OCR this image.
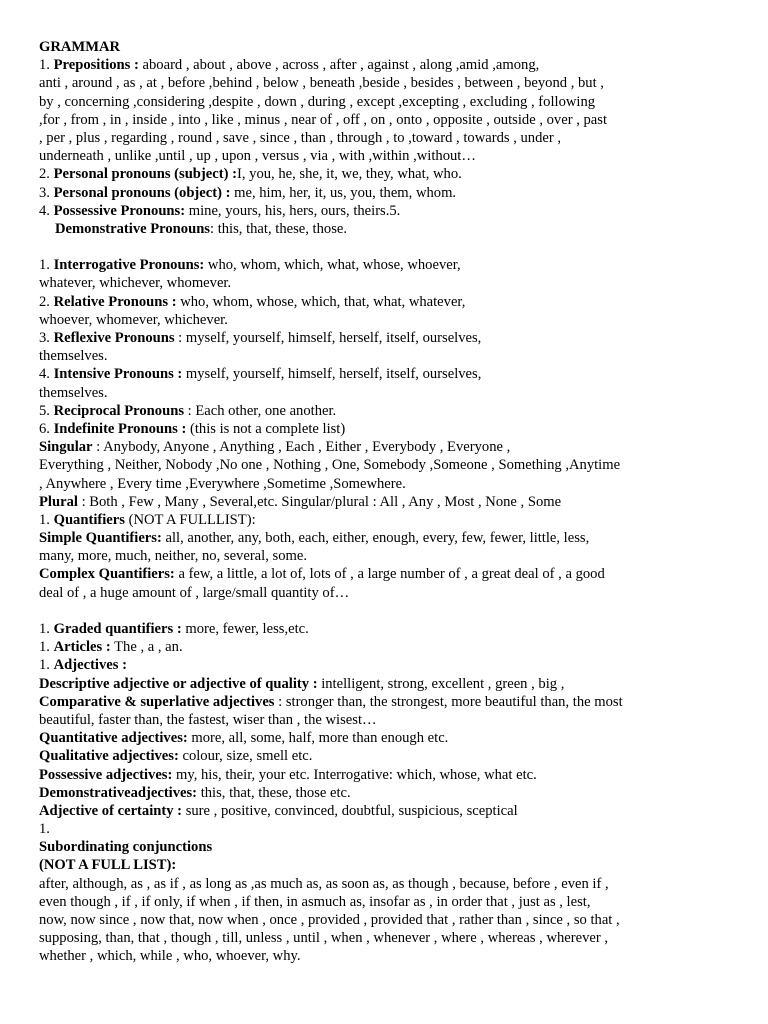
GRAMMAR
1. Prepositions : aboard , about , above , across , after , against , along ,amid ,among,
anti , around , as , at , before ,behind , below , beneath ,beside , besides , between , beyond , but ,
by , concerning ,considering ,despite , down , during , except ,excepting , excluding , following
,for , from , in , inside , into , like , minus , near of , off , on , onto , opposite , outside , over , past
, per , plus , regarding , round , save , since , than , through , to ,toward , towards , under ,
underneath , unlike ,until , up , upon , versus , via , with ,within ,without…
2. Personal pronouns (subject) :I, you, he, she, it, we, they, what, who.
3. Personal pronouns (object) : me, him, her, it, us, you, them, whom.
4. Possessive Pronouns: mine, yours, his, hers, ours, theirs.5.
Demonstrative Pronouns: this, that, these, those.
1. Interrogative Pronouns: who, whom, which, what, whose, whoever,
whatever, whichever, whomever.
2. Relative Pronouns : who, whom, whose, which, that, what, whatever,
whoever, whomever, whichever.
3. Reflexive Pronouns : myself, yourself, himself, herself, itself, ourselves,
themselves.
4. Intensive Pronouns : myself, yourself, himself, herself, itself, ourselves,
themselves.
5. Reciprocal Pronouns : Each other, one another.
6. Indefinite Pronouns : (this is not a complete list)
Singular : Anybody, Anyone , Anything , Each , Either , Everybody , Everyone ,
Everything , Neither, Nobody ,No one , Nothing , One, Somebody ,Someone , Something ,Anytime
, Anywhere , Every time ,Everywhere ,Sometime ,Somewhere.
Plural : Both , Few , Many , Several,etc. Singular/plural : All , Any , Most , None , Some
1. Quantifiers (NOT A FULLLIST):
Simple Quantifiers: all, another, any, both, each, either, enough, every, few, fewer, little, less,
many, more, much, neither, no, several, some.
Complex Quantifiers: a few, a little, a lot of, lots of , a large number of , a great deal of , a good
deal of , a huge amount of , large/small quantity of…
1. Graded quantifiers : more, fewer, less,etc.
1. Articles : The , a , an.
1. Adjectives :
Descriptive adjective or adjective of quality : intelligent, strong, excellent , green , big ,
Comparative & superlative adjectives : stronger than, the strongest, more beautiful than, the most
beautiful, faster than, the fastest, wiser than , the wisest…
Quantitative adjectives: more, all, some, half, more than enough etc.
Qualitative adjectives: colour, size, smell etc.
Possessive adjectives: my, his, their, your etc. Interrogative: which, whose, what etc.
Demonstrativeadjectives: this, that, these, those etc.
Adjective of certainty : sure , positive, convinced, doubtful, suspicious, sceptical
1.
Subordinating conjunctions
(NOT A FULL LIST):
after, although, as , as if , as long as ,as much as, as soon as, as though , because, before , even if ,
even though , if , if only, if when , if then, in asmuch as, insofar as , in order that , just as , lest,
now, now since , now that, now when , once , provided , provided that , rather than , since , so that ,
supposing, than, that , though , till, unless , until , when , whenever , where , whereas , wherever ,
whether , which, while , who, whoever, why.
